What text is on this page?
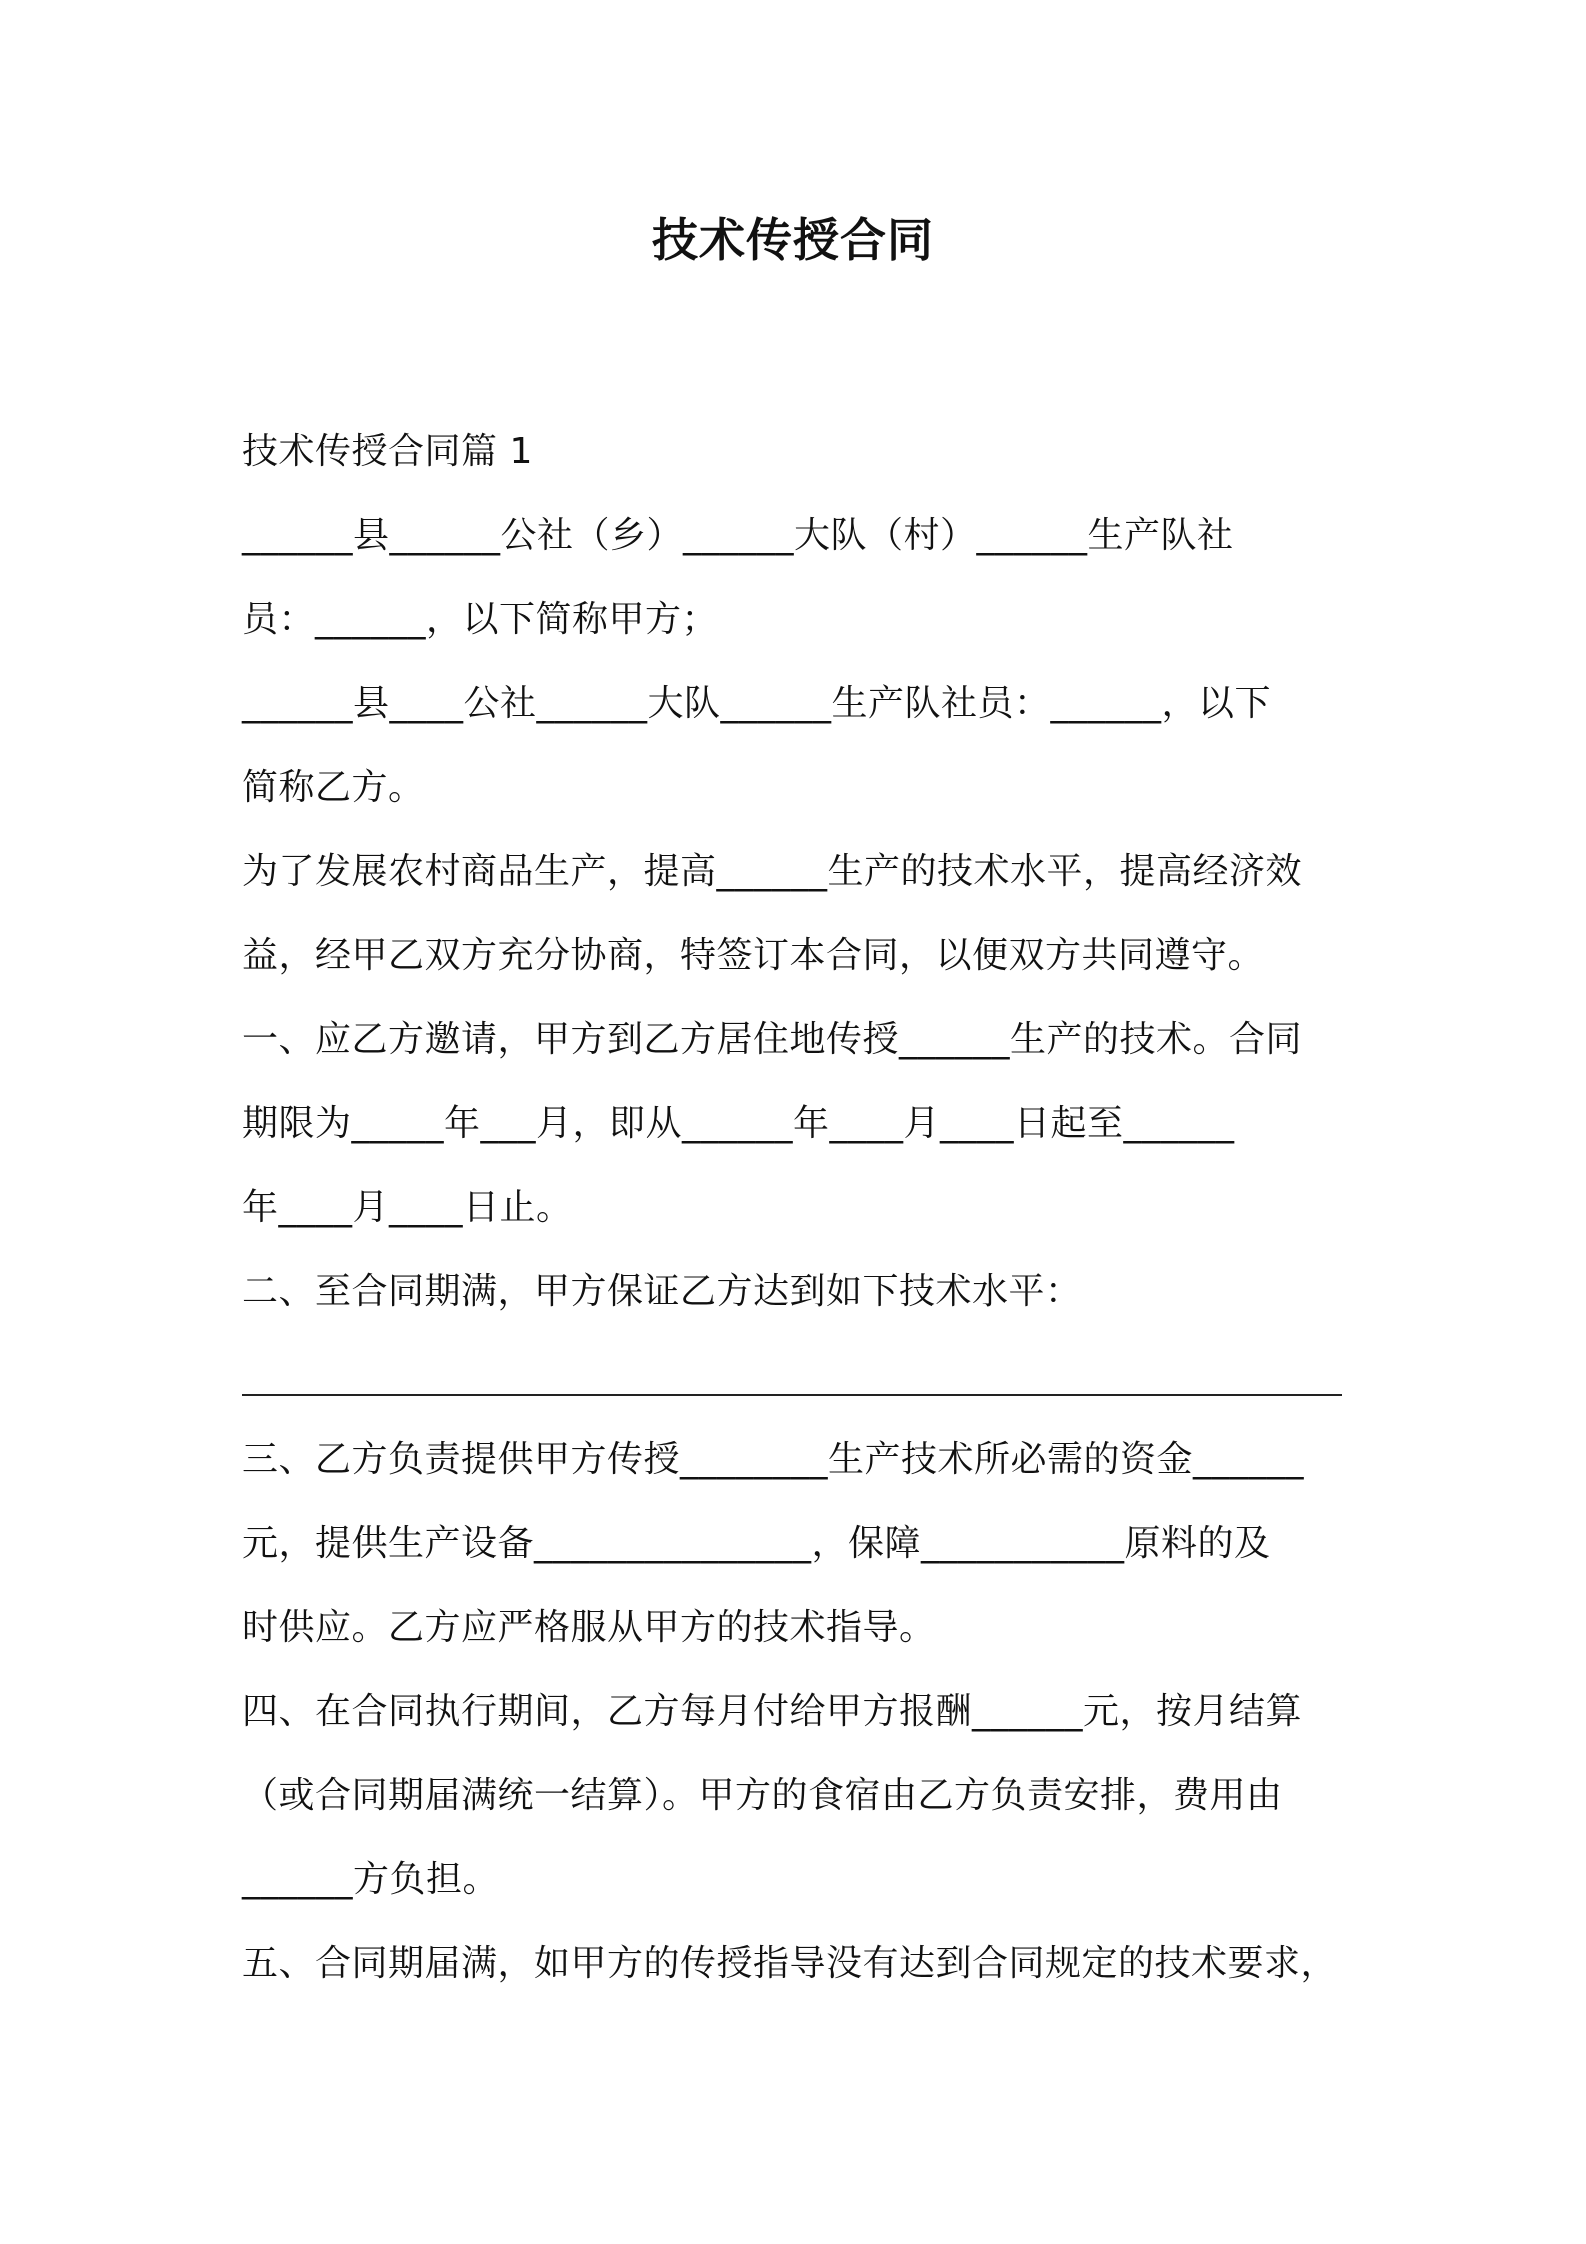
技术传授合同
技术传授合同篇 1
______县______公社（乡）______大队（村）______生产队社
员：______，以下简称甲方；
______县____公社______大队______生产队社员：______，以下
简称乙方。
为了发展农村商品生产，提高______生产的技术水平，提高经济效
益，经甲乙双方充分协商，特签订本合同，以便双方共同遵守。
一、应乙方邀请，甲方到乙方居住地传授______生产的技术。合同
期限为_____年___月，即从______年____月____日起至______
年____月____日止。
二、至合同期满，甲方保证乙方达到如下技术水平：
三、乙方负责提供甲方传授________生产技术所必需的资金______
元，提供生产设备_______________，保障___________原料的及
时供应。乙方应严格服从甲方的技术指导。
四、在合同执行期间，乙方每月付给甲方报酬______元，按月结算
（或合同期届满统一结算）。甲方的食宿由乙方负责安排，费用由
______方负担。
五、合同期届满，如甲方的传授指导没有达到合同规定的技术要求，
